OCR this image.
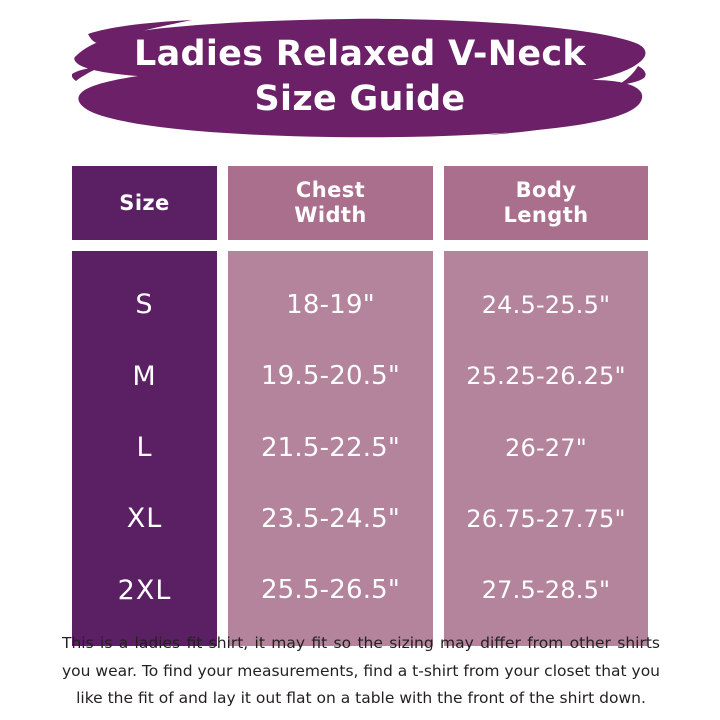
Ladies Relaxed V-Neck
Size Guide
Size
S
M
L
XL
2XL
Chest
Width
18-19"
19.5-20.5"
21.5-22.5"
23.5-24.5"
25.5-26.5"
Body
Length
24.5-25.5"
25.25-26.25"
26-27"
26.75-27.75"
27.5-28.5"

This is a ladies fit shirt, it may fit so the sizing may differ from other shirts you wear. To find your measurements, find a t-shirt from your closet that you like the fit of and lay it out flat on a table with the front of the shirt down.
